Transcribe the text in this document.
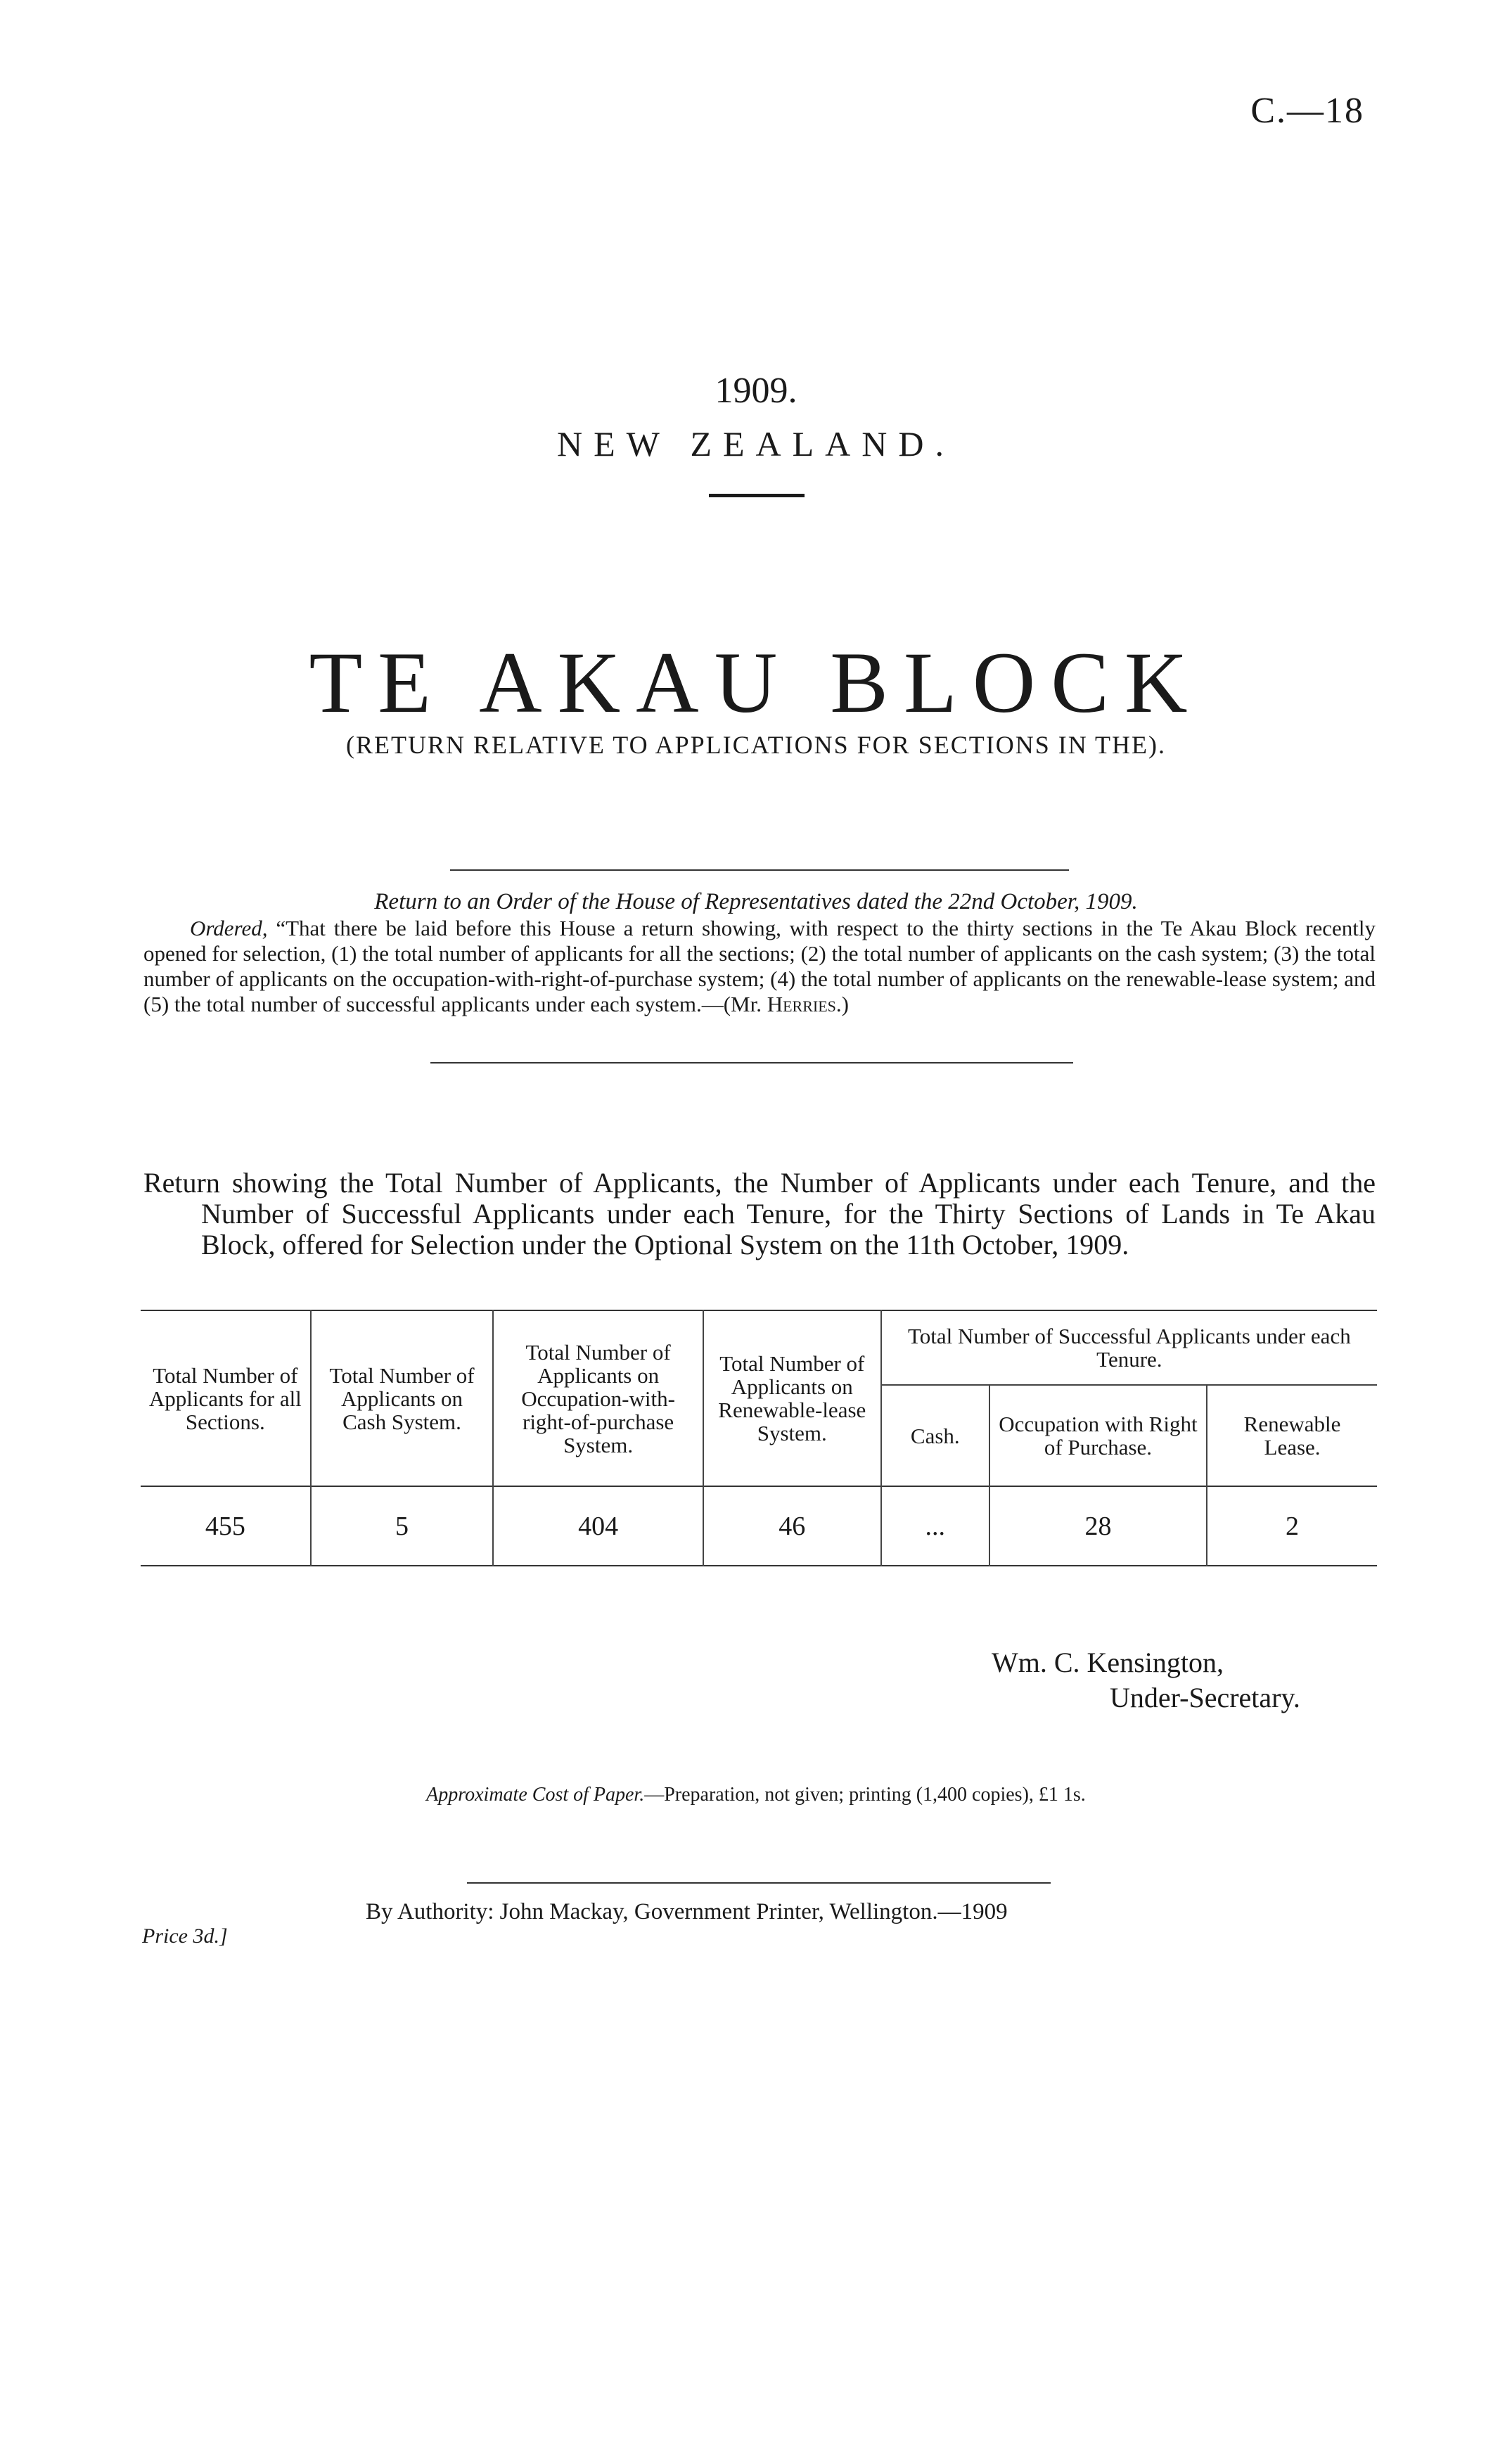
C.—18
1909.
NEW ZEALAND.
TE AKAU BLOCK
(RETURN RELATIVE TO APPLICATIONS FOR SECTIONS IN THE).
Return to an Order of the House of Representatives dated the 22nd October, 1909.
Ordered, “That there be laid before this House a return showing, with respect to the thirty sections in the Te Akau Block recently opened for selection, (1) the total number of applicants for all the sections; (2) the total number of applicants on the cash system; (3) the total number of applicants on the occupation-with-right-of-purchase system; (4) the total number of applicants on the renewable-lease system; and (5) the total number of successful applicants under each system.—(Mr. Herries.)
Return showing the Total Number of Applicants, the Number of Applicants under each Tenure, and the Number of Successful Applicants under each Tenure, for the Thirty Sections of Lands in Te Akau Block, offered for Selection under the Optional System on the 11th October, 1909.
Total Number of Applicants for all Sections.	Total Number of Applicants on Cash System.	Total Number of Applicants on Occupation-with-right-of-purchase System.	Total Number of Applicants on Renewable-lease System.	Total Number of Successful Applicants under each Tenure.		
				Cash.	Occupation with Right of Purchase.	Renewable Lease.
455	5	404	46	...	28	2
Wm. C. Kensington,
Under-Secretary.
Approximate Cost of Paper.—Preparation, not given; printing (1,400 copies), £1 1s.
By Authority: John Mackay, Government Printer, Wellington.—1909
Price 3d.]
